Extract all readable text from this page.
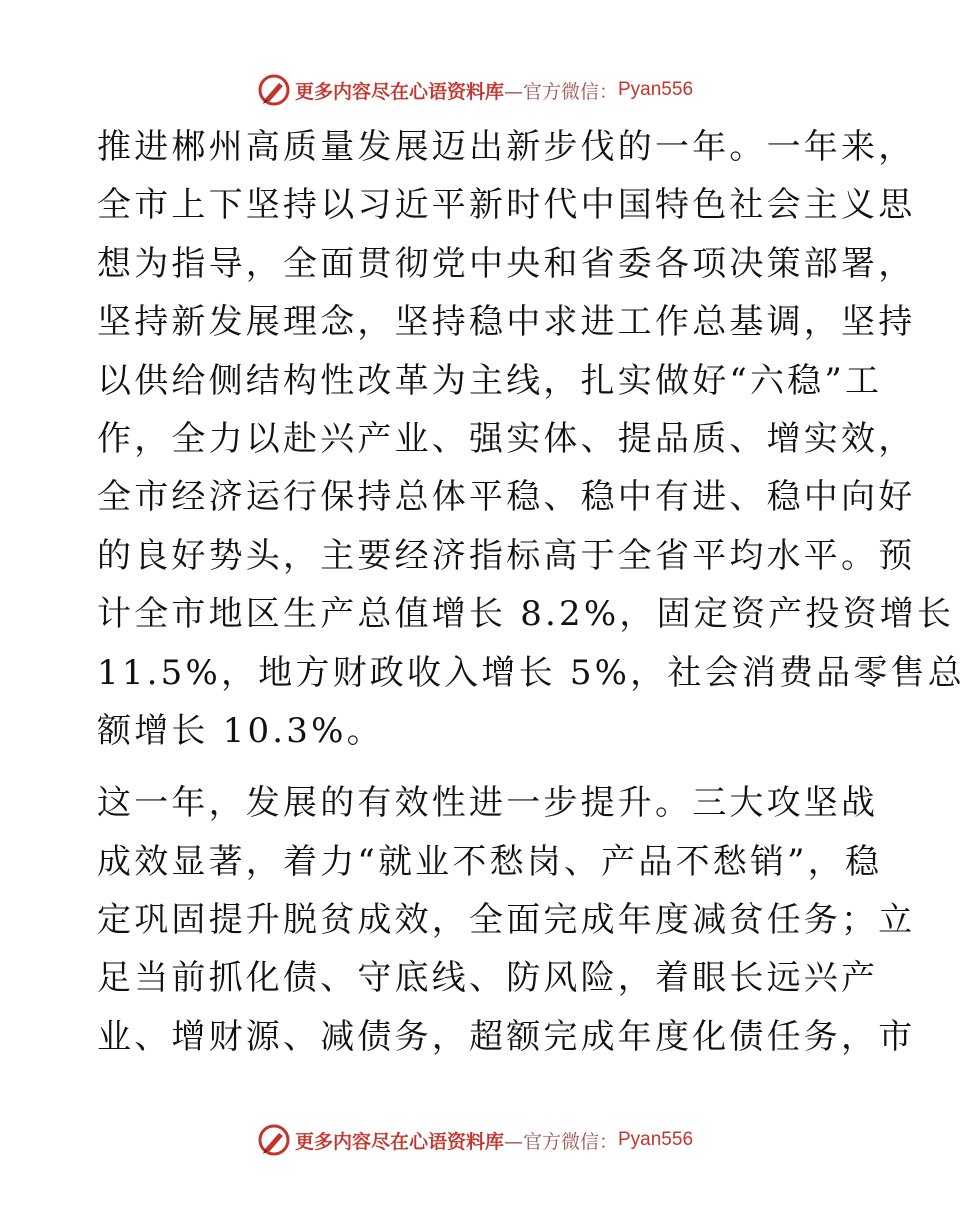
更多内容尽在心语资料库 —官方微信： Pyan556
推进郴州高质量发展迈出新步伐的一年。一年来，
全市上下坚持以习近平新时代中国特色社会主义思
想为指导，全面贯彻党中央和省委各项决策部署，
坚持新发展理念，坚持稳中求进工作总基调，坚持
以供给侧结构性改革为主线，扎实做好“六稳”工
作，全力以赴兴产业、强实体、提品质、增实效，
全市经济运行保持总体平稳、稳中有进、稳中向好
的良好势头，主要经济指标高于全省平均水平。预
计全市地区生产总值增长 8.2%，固定资产投资增长
11.5%，地方财政收入增长 5%，社会消费品零售总
额增长 10.3%。
这一年，发展的有效性进一步提升。三大攻坚战
成效显著，着力“就业不愁岗、产品不愁销”，稳
定巩固提升脱贫成效，全面完成年度减贫任务；立
足当前抓化债、守底线、防风险，着眼长远兴产
业、增财源、减债务，超额完成年度化债任务，市
更多内容尽在心语资料库 —官方微信： Pyan556
